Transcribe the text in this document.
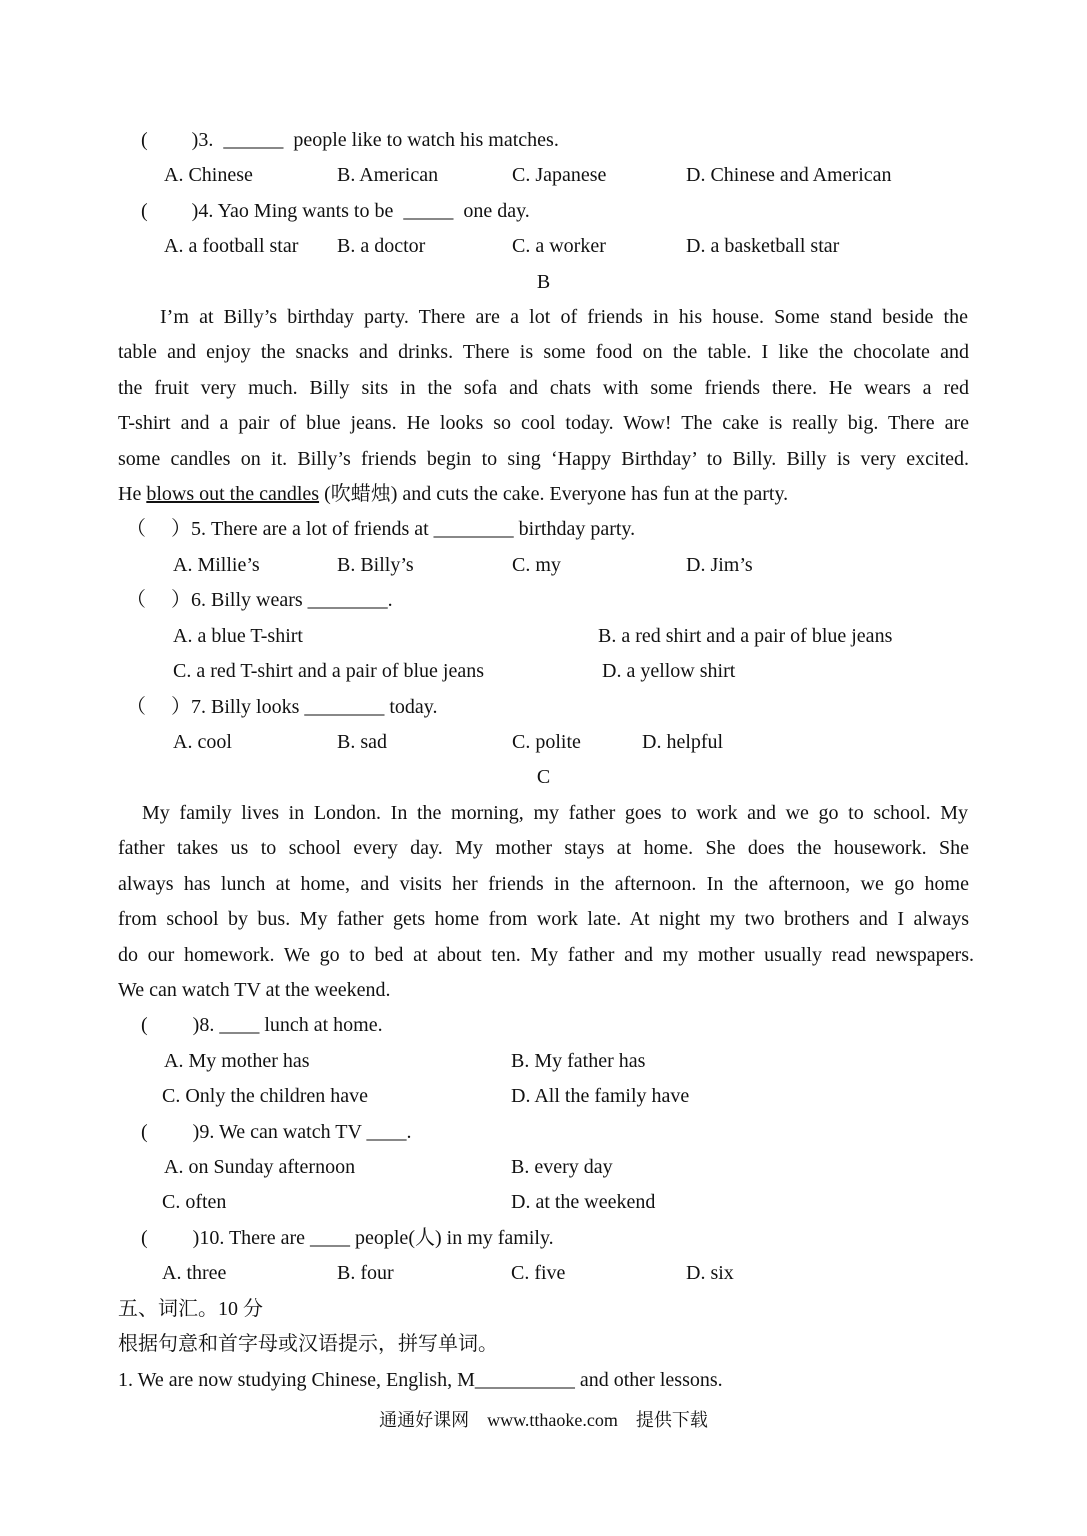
( )3. ______ people like to watch his matches.
A. Chinese	B. American	C. Japanese	D. Chinese and American
( )4. Yao Ming wants to be _____ one day.
A. a football star B. a doctor	C. a worker	D. a basketball star
B
I’m at Billy’s birthday party. There are a lot of friends in his house. Some stand beside the
table and enjoy the snacks and drinks. There is some food on the table. I like the chocolate and
the fruit very much. Billy sits in the sofa and chats with some friends there. He wears a red
T-shirt and a pair of blue jeans. He looks so cool today. Wow! The cake is really big. There are
some candles on it. Billy’s friends begin to sing ‘Happy Birthday’ to Billy. Billy is very excited.
He blows out the candles (吹蜡烛) and cuts the cake. Everyone has fun at the party.
（　 ）5. There are a lot of friends at ________ birthday party.
A. Millie’s	B. Billy’s	C. my	D. Jim’s
（　 ）6. Billy wears ________.
A. a blue T-shirt	B. a red shirt and a pair of blue jeans
C. a red T-shirt and a pair of blue jeans	D. a yellow shirt
（　 ）7. Billy looks ________ today.
A. cool	B. sad	C. polite	D. helpful
C
My family lives in London. In the morning, my father goes to work and we go to school. My
father takes us to school every day. My mother stays at home. She does the housework. She
always has lunch at home, and visits her friends in the afternoon. In the afternoon, we go home
from school by bus. My father gets home from work late. At night my two brothers and I always
do our homework. We go to bed at about ten. My father and my mother usually read newspapers.
We can watch TV at the weekend.
(　　 )8. ____ lunch at home.
A. My mother has	B. My father has
C. Only the children have	D. All the family have
(　　 )9. We can watch TV ____.
A. on Sunday afternoon	B. every day
C. often	D. at the weekend
(　　 )10. There are ____ people(人) in my family.
A. three	B. four	C. five	D. six
五、词汇。10 分
根据句意和首字母或汉语提示，拼写单词。
1. We are now studying Chinese, English, M__________ and other lessons.
通通好课网　www.tthaoke.com　提供下载
